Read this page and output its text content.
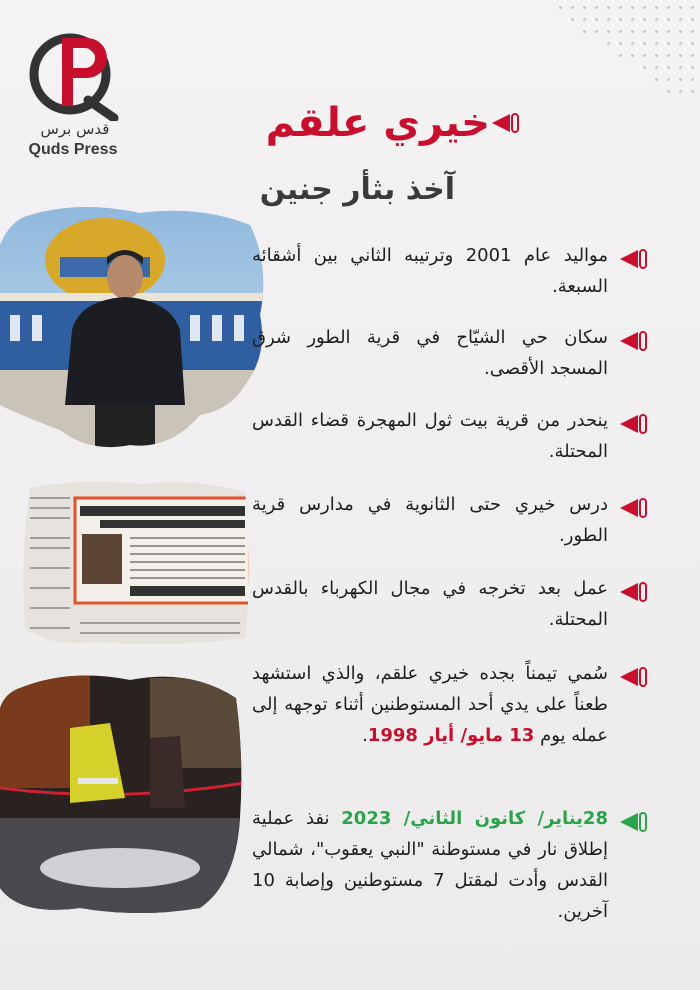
قدس برس
Quds Press
خيري علقم
آخذ بثأر جنين
مواليد عام 2001 وترتيبه الثاني بين أشقائه السبعة.
سكان حي الشيّاح في قرية الطور شرق المسجد الأقصى.
ينحدر من قرية بيت ثول المهجرة قضاء القدس المحتلة.
درس خيري حتى الثانوية في مدارس قرية الطور.
عمل بعد تخرجه في مجال الكهرباء بالقدس المحتلة.
سُمي تيمناً بجده خيري علقم، والذي استشهد طعناً على يدي أحد المستوطنين أثناء توجهه إلى عمله يوم 13 مايو/ أيار 1998.
28يناير/ كانون الثاني/ 2023 نفذ عملية إطلاق نار في مستوطنة "النبي يعقوب"، شمالي القدس وأدت لمقتل 7 مستوطنين وإصابة 10 آخرين.
